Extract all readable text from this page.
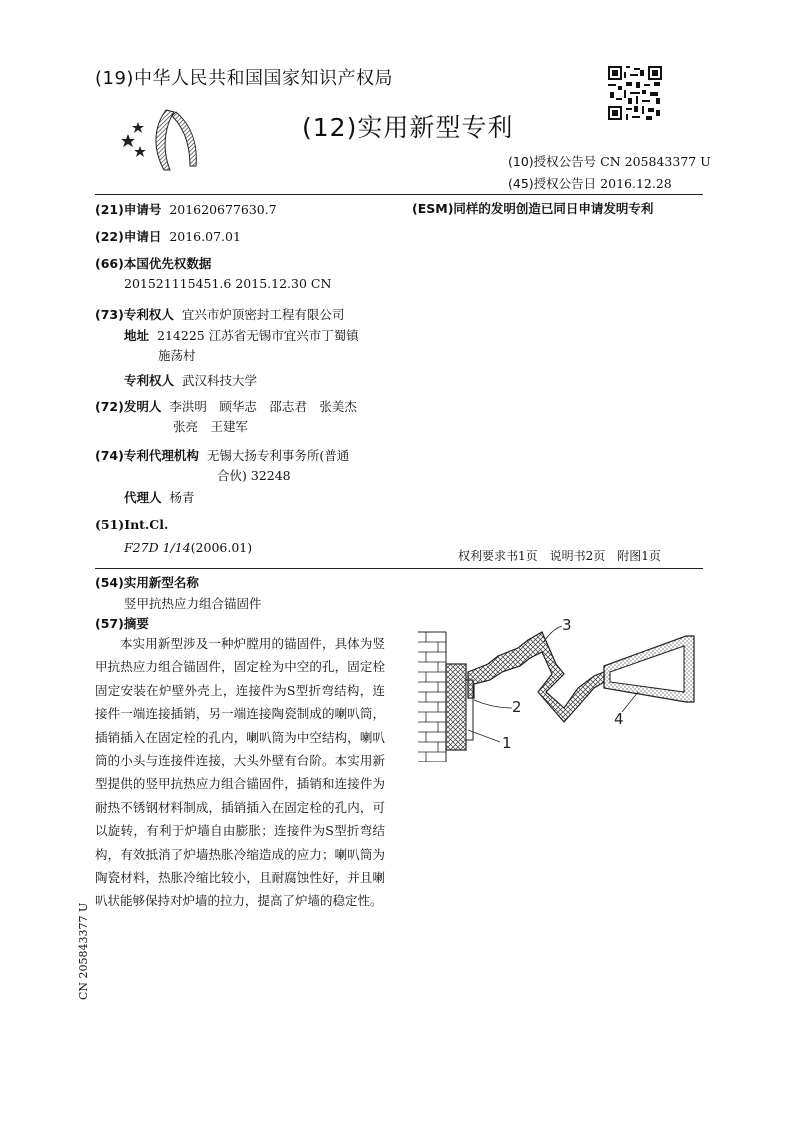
(19)中华人民共和国国家知识产权局
(12)实用新型专利
(10)授权公告号 CN 205843377 U
(45)授权公告日 2016.12.28
(21)申请号 201620677630.7	(ESM)同样的发明创造已同日申请发明专利
(22)申请日 2016.07.01
(66)本国优先权数据
201521115451.6 2015.12.30 CN
(73)专利权人 宜兴市炉顶密封工程有限公司
地址 214225 江苏省无锡市宜兴市丁蜀镇
施荡村
专利权人 武汉科技大学
(72)发明人 李洪明　顾华志　邵志君　张美杰
张亮　王建军
(74)专利代理机构 无锡大扬专利事务所(普通
合伙) 32248
代理人 杨青
(51)Int.Cl.
F27D 1/14(2006.01)
权利要求书1页　说明书2页　附图1页
(54)实用新型名称
竖甲抗热应力组合锚固件
(57)摘要

本实用新型涉及一种炉膛用的锚固件，具体为竖甲抗热应力组合锚固件，固定栓为中空的孔，固定栓固定安装在炉壁外壳上，连接件为S型折弯结构，连接件一端连接插销，另一端连接陶瓷制成的喇叭筒，插销插入在固定栓的孔内，喇叭筒为中空结构，喇叭筒的小头与连接件连接，大头外壁有台阶。本实用新型提供的竖甲抗热应力组合锚固件，插销和连接件为耐热不锈钢材料制成，插销插入在固定栓的孔内，可以旋转，有利于炉墙自由膨胀；连接件为S型折弯结构，有效抵消了炉墙热胀冷缩造成的应力；喇叭筒为陶瓷材料，热胀冷缩比较小，且耐腐蚀性好，并且喇叭状能够保持对炉墙的拉力，提高了炉墙的稳定性。

1
2
3
4
CN 205843377 U
